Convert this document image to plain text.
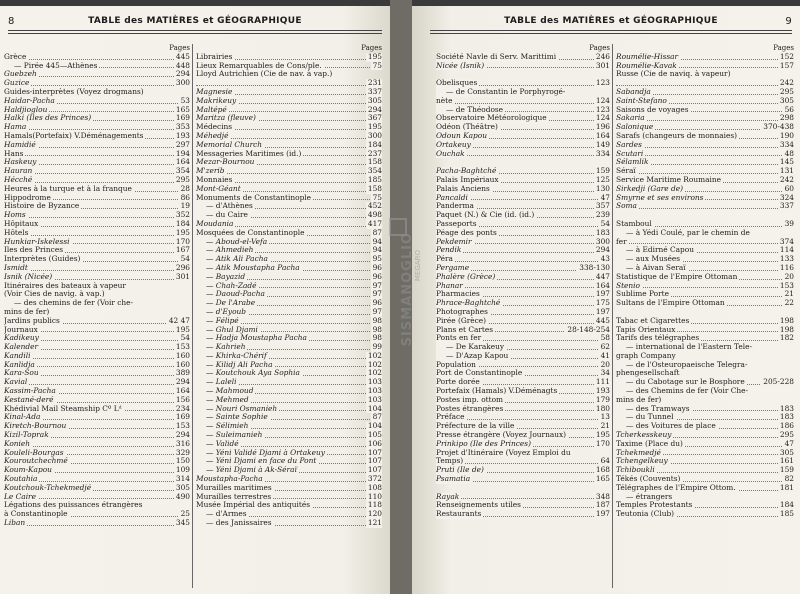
8	TABLE des MATIÈRES et GÉOGRAPHIQUE
Pages
Grèce	445
— Pirée 445—Athènes	448
Guebzeh	294
Guzice	300
Guides-interprètes (Voyez drogmans)
Haidar-Pacha	53
Haldjioglou	165
Halki (Iles des Princes)	169
Hama	353
Hamals(Portefaix) V.Déménagements	193
Hamidié	297
Hans	194
Haskeuy	164
Hauran	354
Hécché	295
Heures à la turque et à la franque	28
Hippodrome	86
Histoire de Byzance	19
Homs	352
Hôpitaux	184
Hôtels	195
Hunkiar-Iskelessi	170
Iles des Princes	167
Interprètes (Guides)	54
Ismidt	296
Isnik (Nicée)	301
Itinéraires des bateaux à vapeur
(Voir Cies de navig. à vap.)
— des chemins de fer (Voir che-
mins de fer)
Jardins publics	42 47
Journaux	195
Kadikeuy	54
Kalender	153
Kandili	160
Kanlidja	160
Kara-Sou	389
Kavial	294
Kassim-Pacha	164
Kestané-deré	156
Khédivial Mail Steamship Cº Lᵈ	234
Kinal-Ada	169
Kiretch-Bournou	153
Kizil-Toprak	294
Konieh	316
Kouleli-Bourgas	329
Kouroutchechmé	150
Koum-Kapou	109
Koutahia	314
Koutchouk-Tchekmedjé	305
Le Caire	490
Légations des puissances étrangères
à Constantinople	25
Liban	345
Pages
Librairies	195
Lieux Remarquables de Cons/ple.	75
Lloyd Autrichien (Cie de nav. à vap.)
231
Magnesie	337
Makrikeuy	305
Maltépé	294
Maritza (fleuve)	367
Médecins	195
Méhedjé	300
Memorial Church	184
Messageries Maritimes (id.)	237
Mezar-Bournou	158
M'zerib	354
Monnaies	185
Mont-Géant	158
Monuments de Constantinople	75
— d'Athènes	452
— du Caire	498
Moudania	417
Mosquées de Constantinople	87
— Aboud-el-Vefa	94
— Ahmedieh	94
— Atik Ali Pacha	95
— Atik Moustapha Pacha	96
— Bayazid	96
— Chah-Zadé	97
— Daoud-Pacha	97
— De l'Arabe	96
— d'Eyoub	97
— Félipé	98
— Ghul Djami	98
— Hadja Moustapha Pacha	98
— Kahrieh	99
— Khirka-Chérif	102
— Kilidj Ali Pacha	102
— Koutchouk Aya Sophia	102
— Laleli	103
— Mahmoud	103
— Mehmed	103
— Nouri Osmanieh	104
— Sainte Sophie	87
— Sélimieh	104
— Suleimanieh	105
— Validé	106
— Yéni Validé Djami à Ortakeuy	107
— Yéni Djami en face du Pont	107
— Yéni Djami à Ak-Séraï	107
Moustapha-Pacha	372
Murailles maritimes	108
Murailles terrestres	110
Musée Impérial des antiquités	118
— d'Armes	120
— des Janissaires	121
TABLE des MATIÈRES et GÉOGRAPHIQUE	9
Pages
Société Navle di Serv. Marittimi	246
Nicée (Isnik)	301
Obelisques	123
— de Constantin le Porphyrogé-
nète	124
— de Théodose	123
Observatoire Météorologique	124
Odéon (Théâtre)	196
Odoun Kapou	164
Ortakeuy	149
Ouchak	334
Pacha-Baghtché	159
Palais Impériaux	125
Palais Anciens	130
Pancaldi	47
Panderma	357
Paquet (N.) & Cie (id. (id.)	239
Passeports	54
Péage des ponts	183
Pekdemir	300
Pendik	294
Péra	43
Pergame	338-130
Phalère (Grèce)	447
Phanar	164
Pharmacies	197
Phrace-Baghtché	175
Photographes	197
Pirée (Grèce)	445
Plans et Cartes	28-148-254
Ponts en fer	58
— De Karakeuy	62
— D'Azap Kapou	41
Population	20
Port de Constantinople	34
Porte dorée	111
Portefaix (Hamals) V.Déménagts	193
Postes imp. ottom	179
Postes étrangères	180
Préface	13
Préfecture de la ville	21
Presse étrangère (Voyez Journaux)	195
Prinkipo (Ile des Princes)	170
Projet d'Itinéraire (Voyez Emploi du
Temps)	64
Pruti (Ile de)	168
Psamatia	165
Rayak	348
Renseignements utiles	187
Restaurants	197
Pages
Roumélie-Hissar	152
Roumélie-Kavak	157
Russe (Cie de naviq. à vapeur)
242
Sabandja	295
Saint-Stefano	305
Saisons de voyages	56
Sakaria	298
Salonique	370-438
Sarafs (changeurs de monnaies)	190
Sardes	334
Scutari	48
Sélamlik	145
Séraï	131
Service Maritime Roumaine	242
Sirkedji (Gare de)	60
Smyrne et ses environs	324
Soma	337
Stamboul	39
— à Yédi Coulé, par le chemin de
fer	374
— à Edirné Capou	114
— aux Musées	133
— à Aivan Seraï	116
Statistique de l'Empire Ottoman	20
Stenio	153
Sublime Porte	21
Sultans de l'Empire Ottoman	22
Tabac et Cigarettes	198
Tapis Orientaux	198
Tarifs des télégraphes	182
— international de l'Eastern Tele-
graph Company
— de l'Osteuropaeische Telegra-
phengesellschaft
— du Cabotage sur le Bosphore	205-228
— des Chemins de fer (Voir Che-
mins de fer)
— des Tramways	183
— du Tunnel	183
— des Voitures de place	186
Tcherkesskeuy	295
Taxime (Place du)	47
Tchekmedjé	305
Tchengelkeuy	161
Tchiboukli	159
Tékés (Couvents)	82
Télégraphes de l'Empire Ottom.	181
— étrangers
Temples Protestants	184
Teutonia (Club)	185
SISMANOGLIO MEGARO
